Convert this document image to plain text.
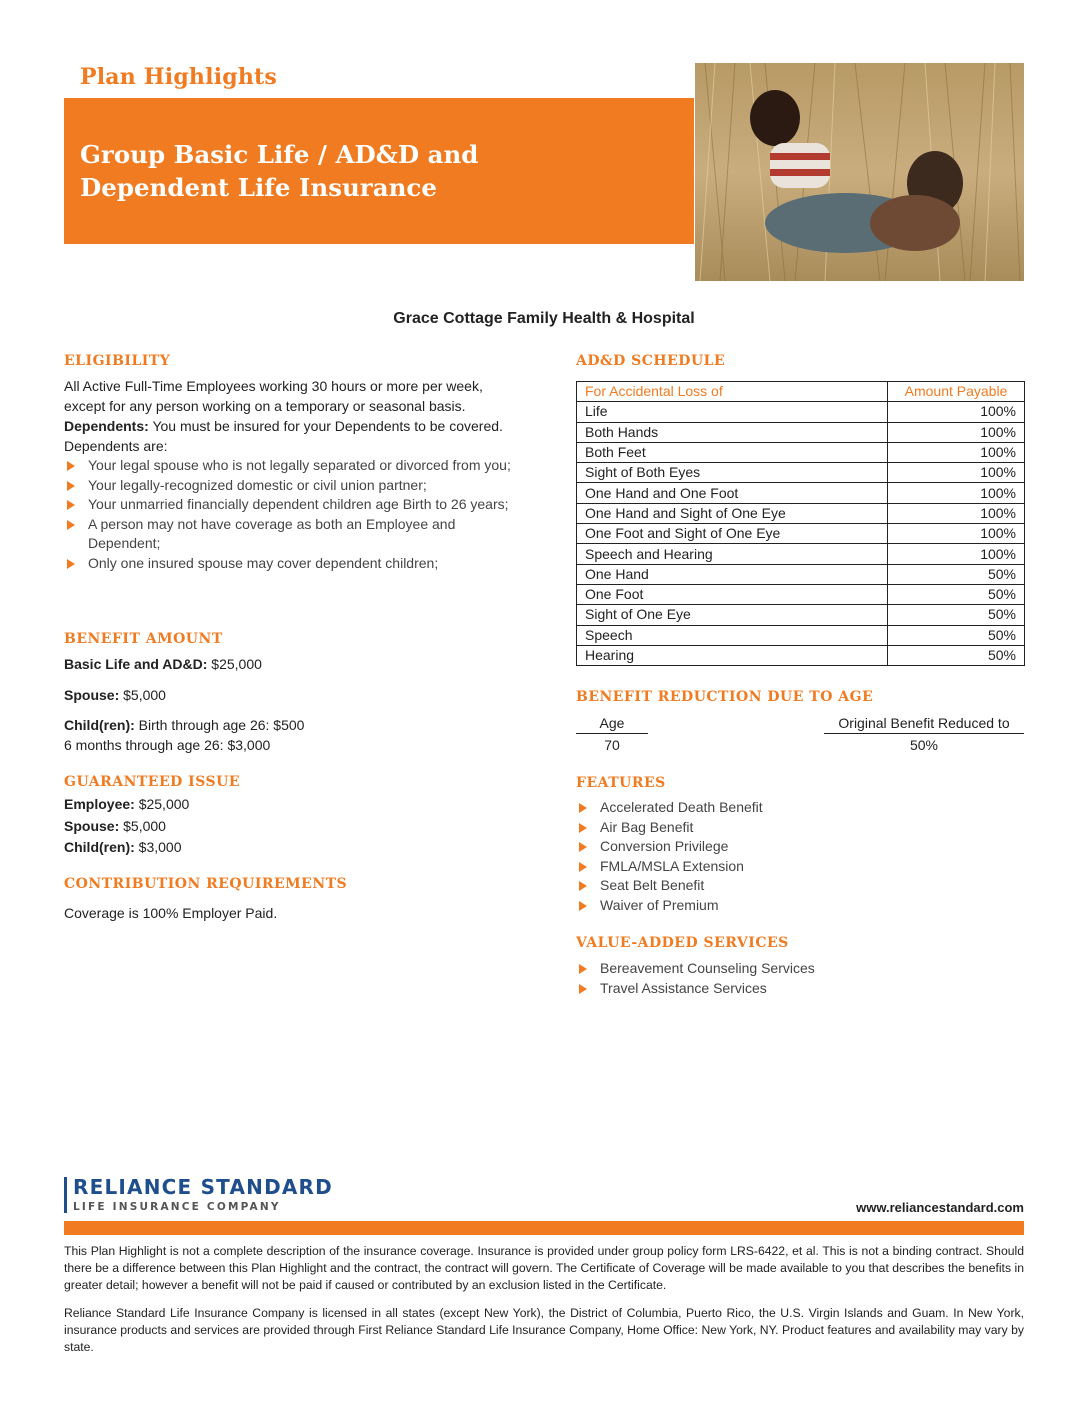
Plan Highlights
Group Basic Life / AD&D and
Dependent Life Insurance
Grace Cottage Family Health & Hospital
ELIGIBILITY
All Active Full-Time Employees working 30 hours or more per week, except for any person working on a temporary or seasonal basis.
Dependents: You must be insured for your Dependents to be covered. Dependents are:
Your legal spouse who is not legally separated or divorced from you;
Your legally-recognized domestic or civil union partner;
Your unmarried financially dependent children age Birth to 26 years;
A person may not have coverage as both an Employee and Dependent;
Only one insured spouse may cover dependent children;
BENEFIT AMOUNT
Basic Life and AD&D: $25,000
Spouse: $5,000
Child(ren): Birth through age 26: $500
6 months through age 26: $3,000
GUARANTEED ISSUE
Employee: $25,000
Spouse: $5,000
Child(ren): $3,000
CONTRIBUTION REQUIREMENTS
Coverage is 100% Employer Paid.
AD&D SCHEDULE
For Accidental Loss of	Amount Payable
Life	100%
Both Hands	100%
Both Feet	100%
Sight of Both Eyes	100%
One Hand and One Foot	100%
One Hand and Sight of One Eye	100%
One Foot and Sight of One Eye	100%
Speech and Hearing	100%
One Hand	50%
One Foot	50%
Sight of One Eye	50%
Speech	50%
Hearing	50%
BENEFIT REDUCTION DUE TO AGE
Age	Original Benefit Reduced to
70	50%
FEATURES
Accelerated Death Benefit
Air Bag Benefit
Conversion Privilege
FMLA/MSLA Extension
Seat Belt Benefit
Waiver of Premium
VALUE-ADDED SERVICES
Bereavement Counseling Services
Travel Assistance Services
RELIANCE STANDARD
LIFE INSURANCE COMPANY	www.reliancestandard.com
This Plan Highlight is not a complete description of the insurance coverage. Insurance is provided under group policy form LRS-6422, et al. This is not a binding contract. Should there be a difference between this Plan Highlight and the contract, the contract will govern. The Certificate of Coverage will be made available to you that describes the benefits in greater detail; however a benefit will not be paid if caused or contributed by an exclusion listed in the Certificate.
Reliance Standard Life Insurance Company is licensed in all states (except New York), the District of Columbia, Puerto Rico, the U.S. Virgin Islands and Guam. In New York, insurance products and services are provided through First Reliance Standard Life Insurance Company, Home Office: New York, NY. Product features and availability may vary by state.
